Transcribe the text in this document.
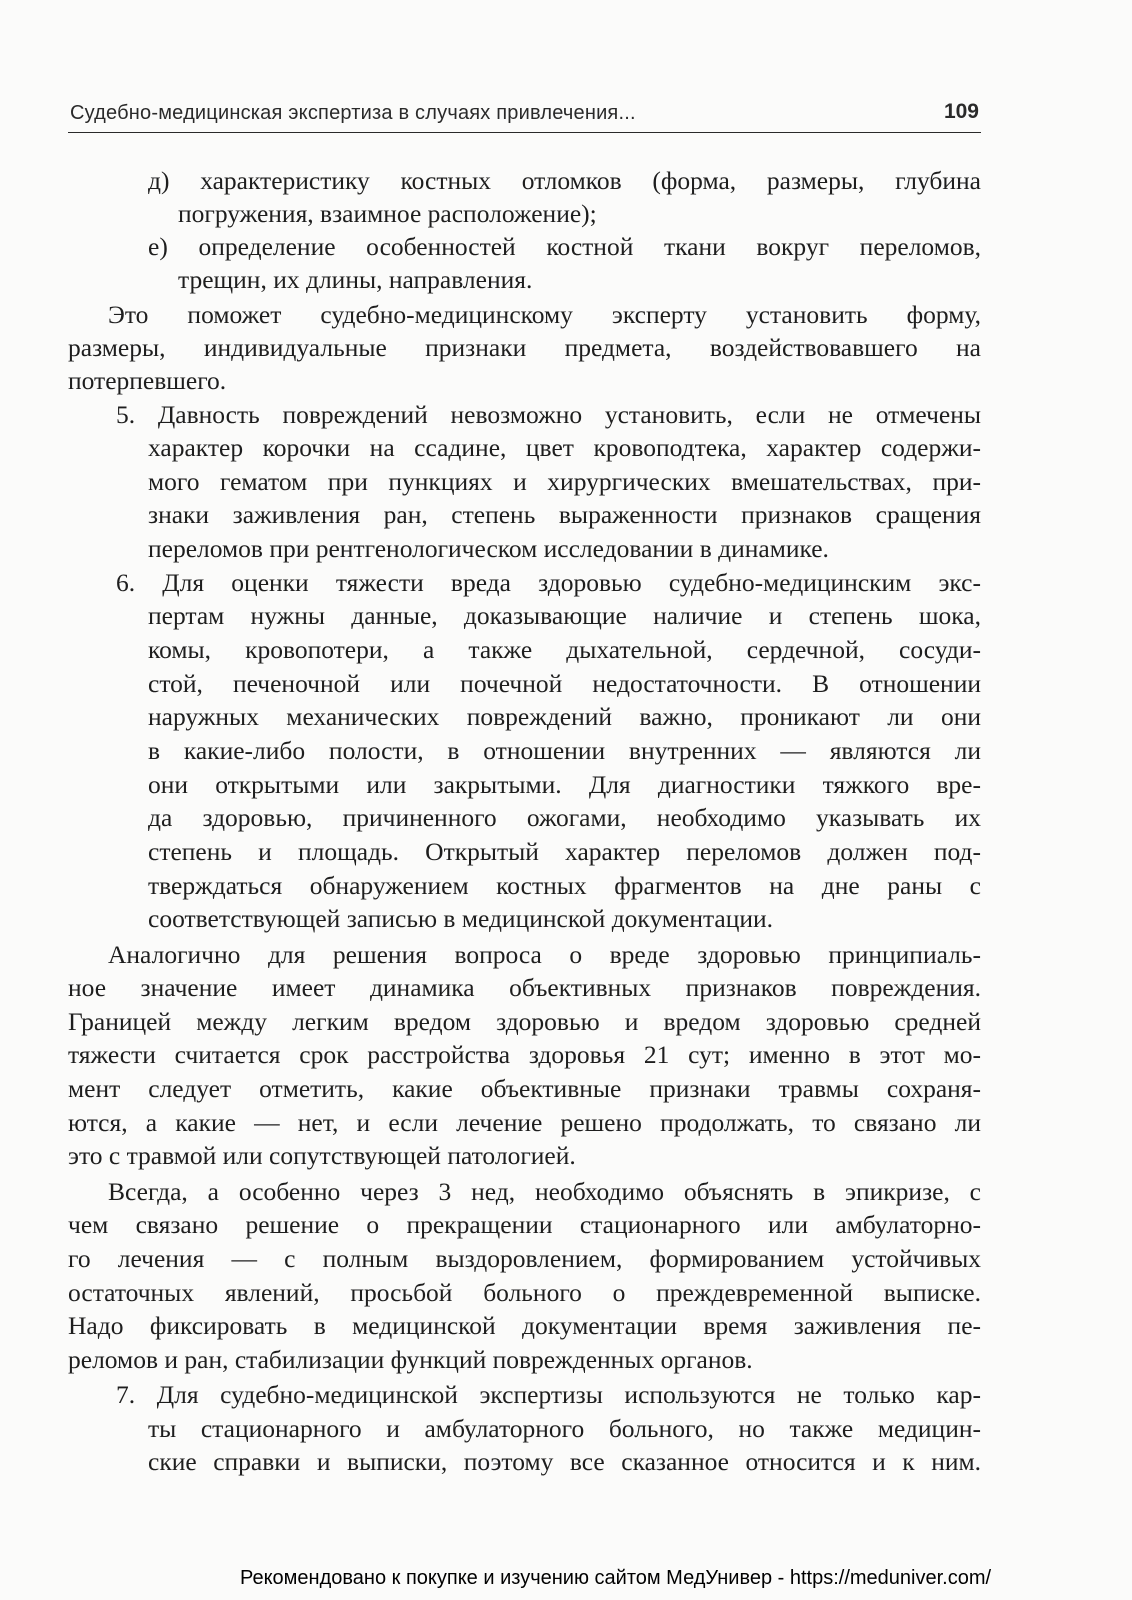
Судебно-медицинская экспертиза в случаях привлечения...	109
д) характеристику костных отломков (форма, размеры, глубина
погружения, взаимное расположение);
е) определение особенностей костной ткани вокруг переломов,
трещин, их длины, направления.
Это поможет судебно-медицинскому эксперту установить форму,
размеры, индивидуальные признаки предмета, воздействовавшего на
потерпевшего.
5. Давность повреждений невозможно установить, если не отмечены
характер корочки на ссадине, цвет кровоподтека, характер содержи-
мого гематом при пункциях и хирургических вмешательствах, при-
знаки заживления ран, степень выраженности признаков сращения
переломов при рентгенологическом исследовании в динамике.
6. Для оценки тяжести вреда здоровью судебно-медицинским экс-
пертам нужны данные, доказывающие наличие и степень шока,
комы, кровопотери, а также дыхательной, сердечной, сосуди-
стой, печеночной или почечной недостаточности. В отношении
наружных механических повреждений важно, проникают ли они
в какие-либо полости, в отношении внутренних — являются ли
они открытыми или закрытыми. Для диагностики тяжкого вре-
да здоровью, причиненного ожогами, необходимо указывать их
степень и площадь. Открытый характер переломов должен под-
тверждаться обнаружением костных фрагментов на дне раны с
соответствующей записью в медицинской документации.
Аналогично для решения вопроса о вреде здоровью принципиаль-
ное значение имеет динамика объективных признаков повреждения.
Границей между легким вредом здоровью и вредом здоровью средней
тяжести считается срок расстройства здоровья 21 сут; именно в этот мо-
мент следует отметить, какие объективные признаки травмы сохраня-
ются, а какие — нет, и если лечение решено продолжать, то связано ли
это с травмой или сопутствующей патологией.
Всегда, а особенно через 3 нед, необходимо объяснять в эпикризе, с
чем связано решение о прекращении стационарного или амбулаторно-
го лечения — с полным выздоровлением, формированием устойчивых
остаточных явлений, просьбой больного о преждевременной выписке.
Надо фиксировать в медицинской документации время заживления пе-
реломов и ран, стабилизации функций поврежденных органов.
7. Для судебно-медицинской экспертизы используются не только кар-
ты стационарного и амбулаторного больного, но также медицин-
ские справки и выписки, поэтому все сказанное относится и к ним.
Рекомендовано к покупке и изучению сайтом МедУнивер - https://meduniver.com/
